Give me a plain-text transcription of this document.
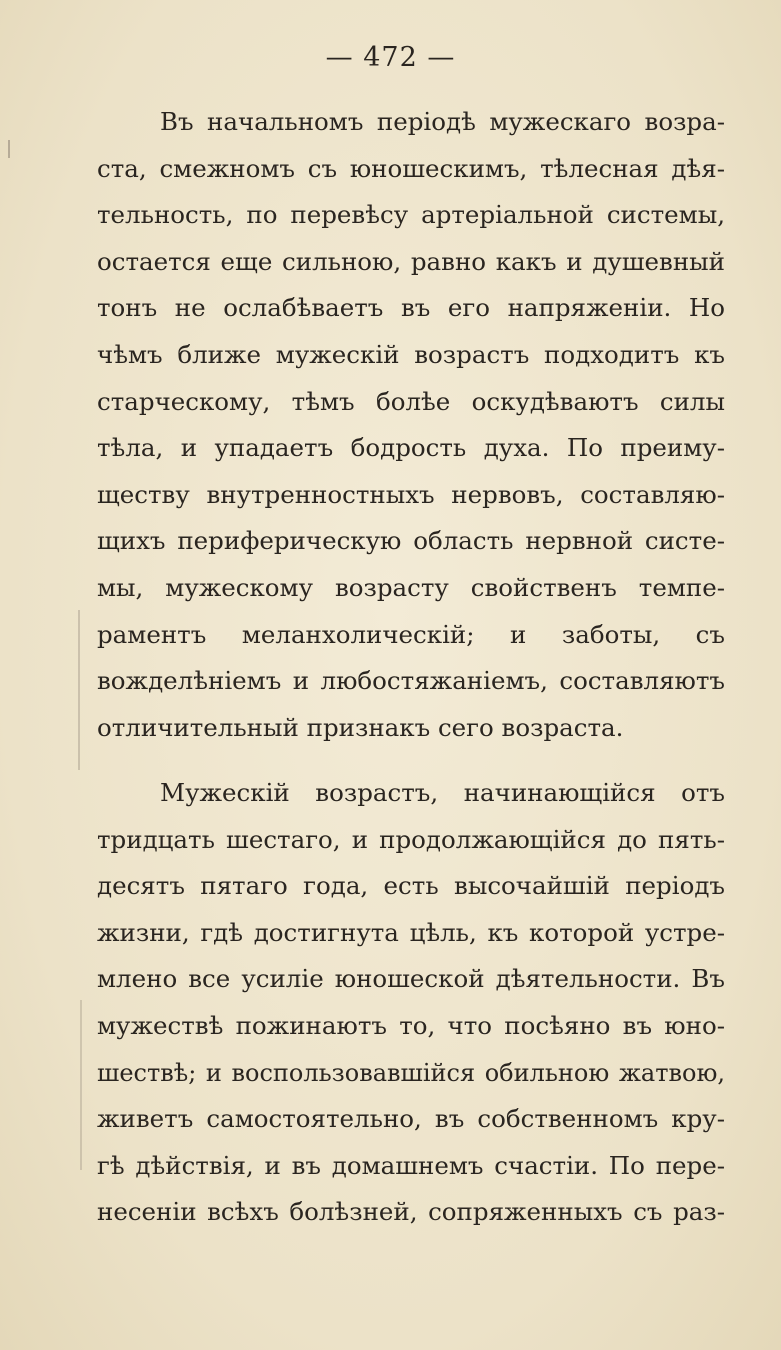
— 472 —
Въ начальномъ періодѣ мужескаго возра-
ста, смежномъ съ юношескимъ, тѣлесная дѣя-
тельность, по перевѣсу артеріальной системы,
остается еще сильною, равно какъ и душевный
тонъ не ослабѣваетъ въ его напряженіи. Но
чѣмъ ближе мужескій возрастъ подходитъ къ
старческому, тѣмъ болѣе оскудѣваютъ силы
тѣла, и упадаетъ бодрость духа. По преиму-
ществу внутренностныхъ нервовъ, составляю-
щихъ периферическую область нервной систе-
мы, мужескому возрасту свойственъ темпе-
раментъ меланхолическій; и заботы, съ
вожделѣніемъ и любостяжаніемъ, составляютъ
отличительный признакъ сего возраста.
Мужескій возрастъ, начинающійся отъ
тридцать шестаго, и продолжающійся до пять-
десятъ пятаго года, есть высочайшій періодъ
жизни, гдѣ достигнута цѣль, къ которой устре-
млено все усиліе юношеской дѣятельности. Въ
мужествѣ пожинаютъ то, что посѣяно въ юно-
шествѣ; и воспользовавшійся обильною жатвою,
живетъ самостоятельно, въ собственномъ кру-
гѣ дѣйствія, и въ домашнемъ счастіи. По пере-
несеніи всѣхъ болѣзней, сопряженныхъ съ раз-
